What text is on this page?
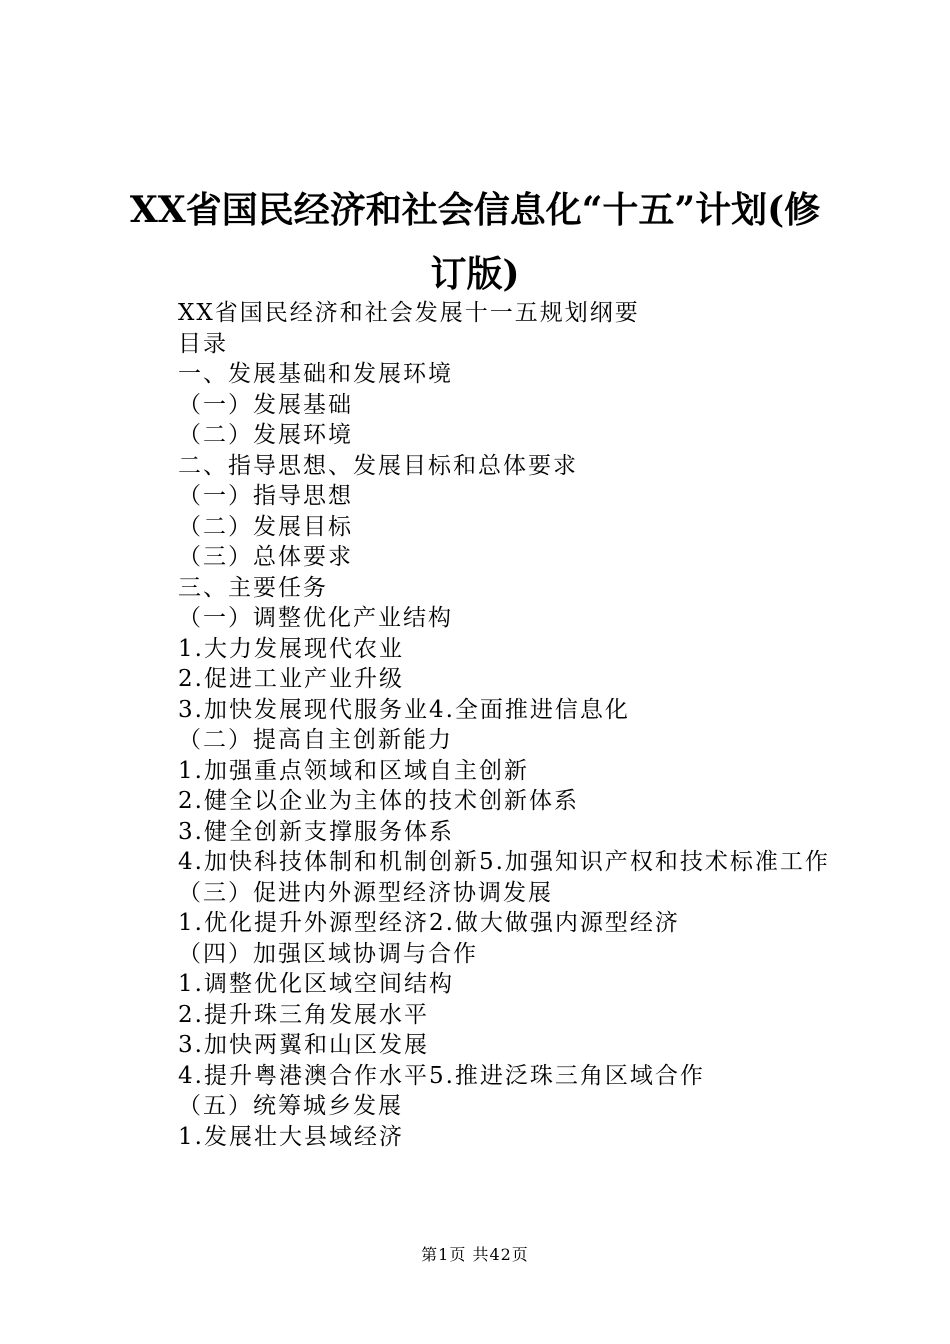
XX省国民经济和社会信息化“十五”计划(修订版)
XX省国民经济和社会发展十一五规划纲要
目录
一、发展基础和发展环境
（一）发展基础
（二）发展环境
二、指导思想、发展目标和总体要求
（一）指导思想
（二）发展目标
（三）总体要求
三、主要任务
（一）调整优化产业结构
1.大力发展现代农业
2.促进工业产业升级
3.加快发展现代服务业4.全面推进信息化
（二）提高自主创新能力
1.加强重点领域和区域自主创新
2.健全以企业为主体的技术创新体系
3.健全创新支撑服务体系
4.加快科技体制和机制创新5.加强知识产权和技术标准工作
（三）促进内外源型经济协调发展
1.优化提升外源型经济2.做大做强内源型经济
（四）加强区域协调与合作
1.调整优化区域空间结构
2.提升珠三角发展水平
3.加快两翼和山区发展
4.提升粤港澳合作水平5.推进泛珠三角区域合作
（五）统筹城乡发展
1.发展壮大县域经济
第1页 共42页
